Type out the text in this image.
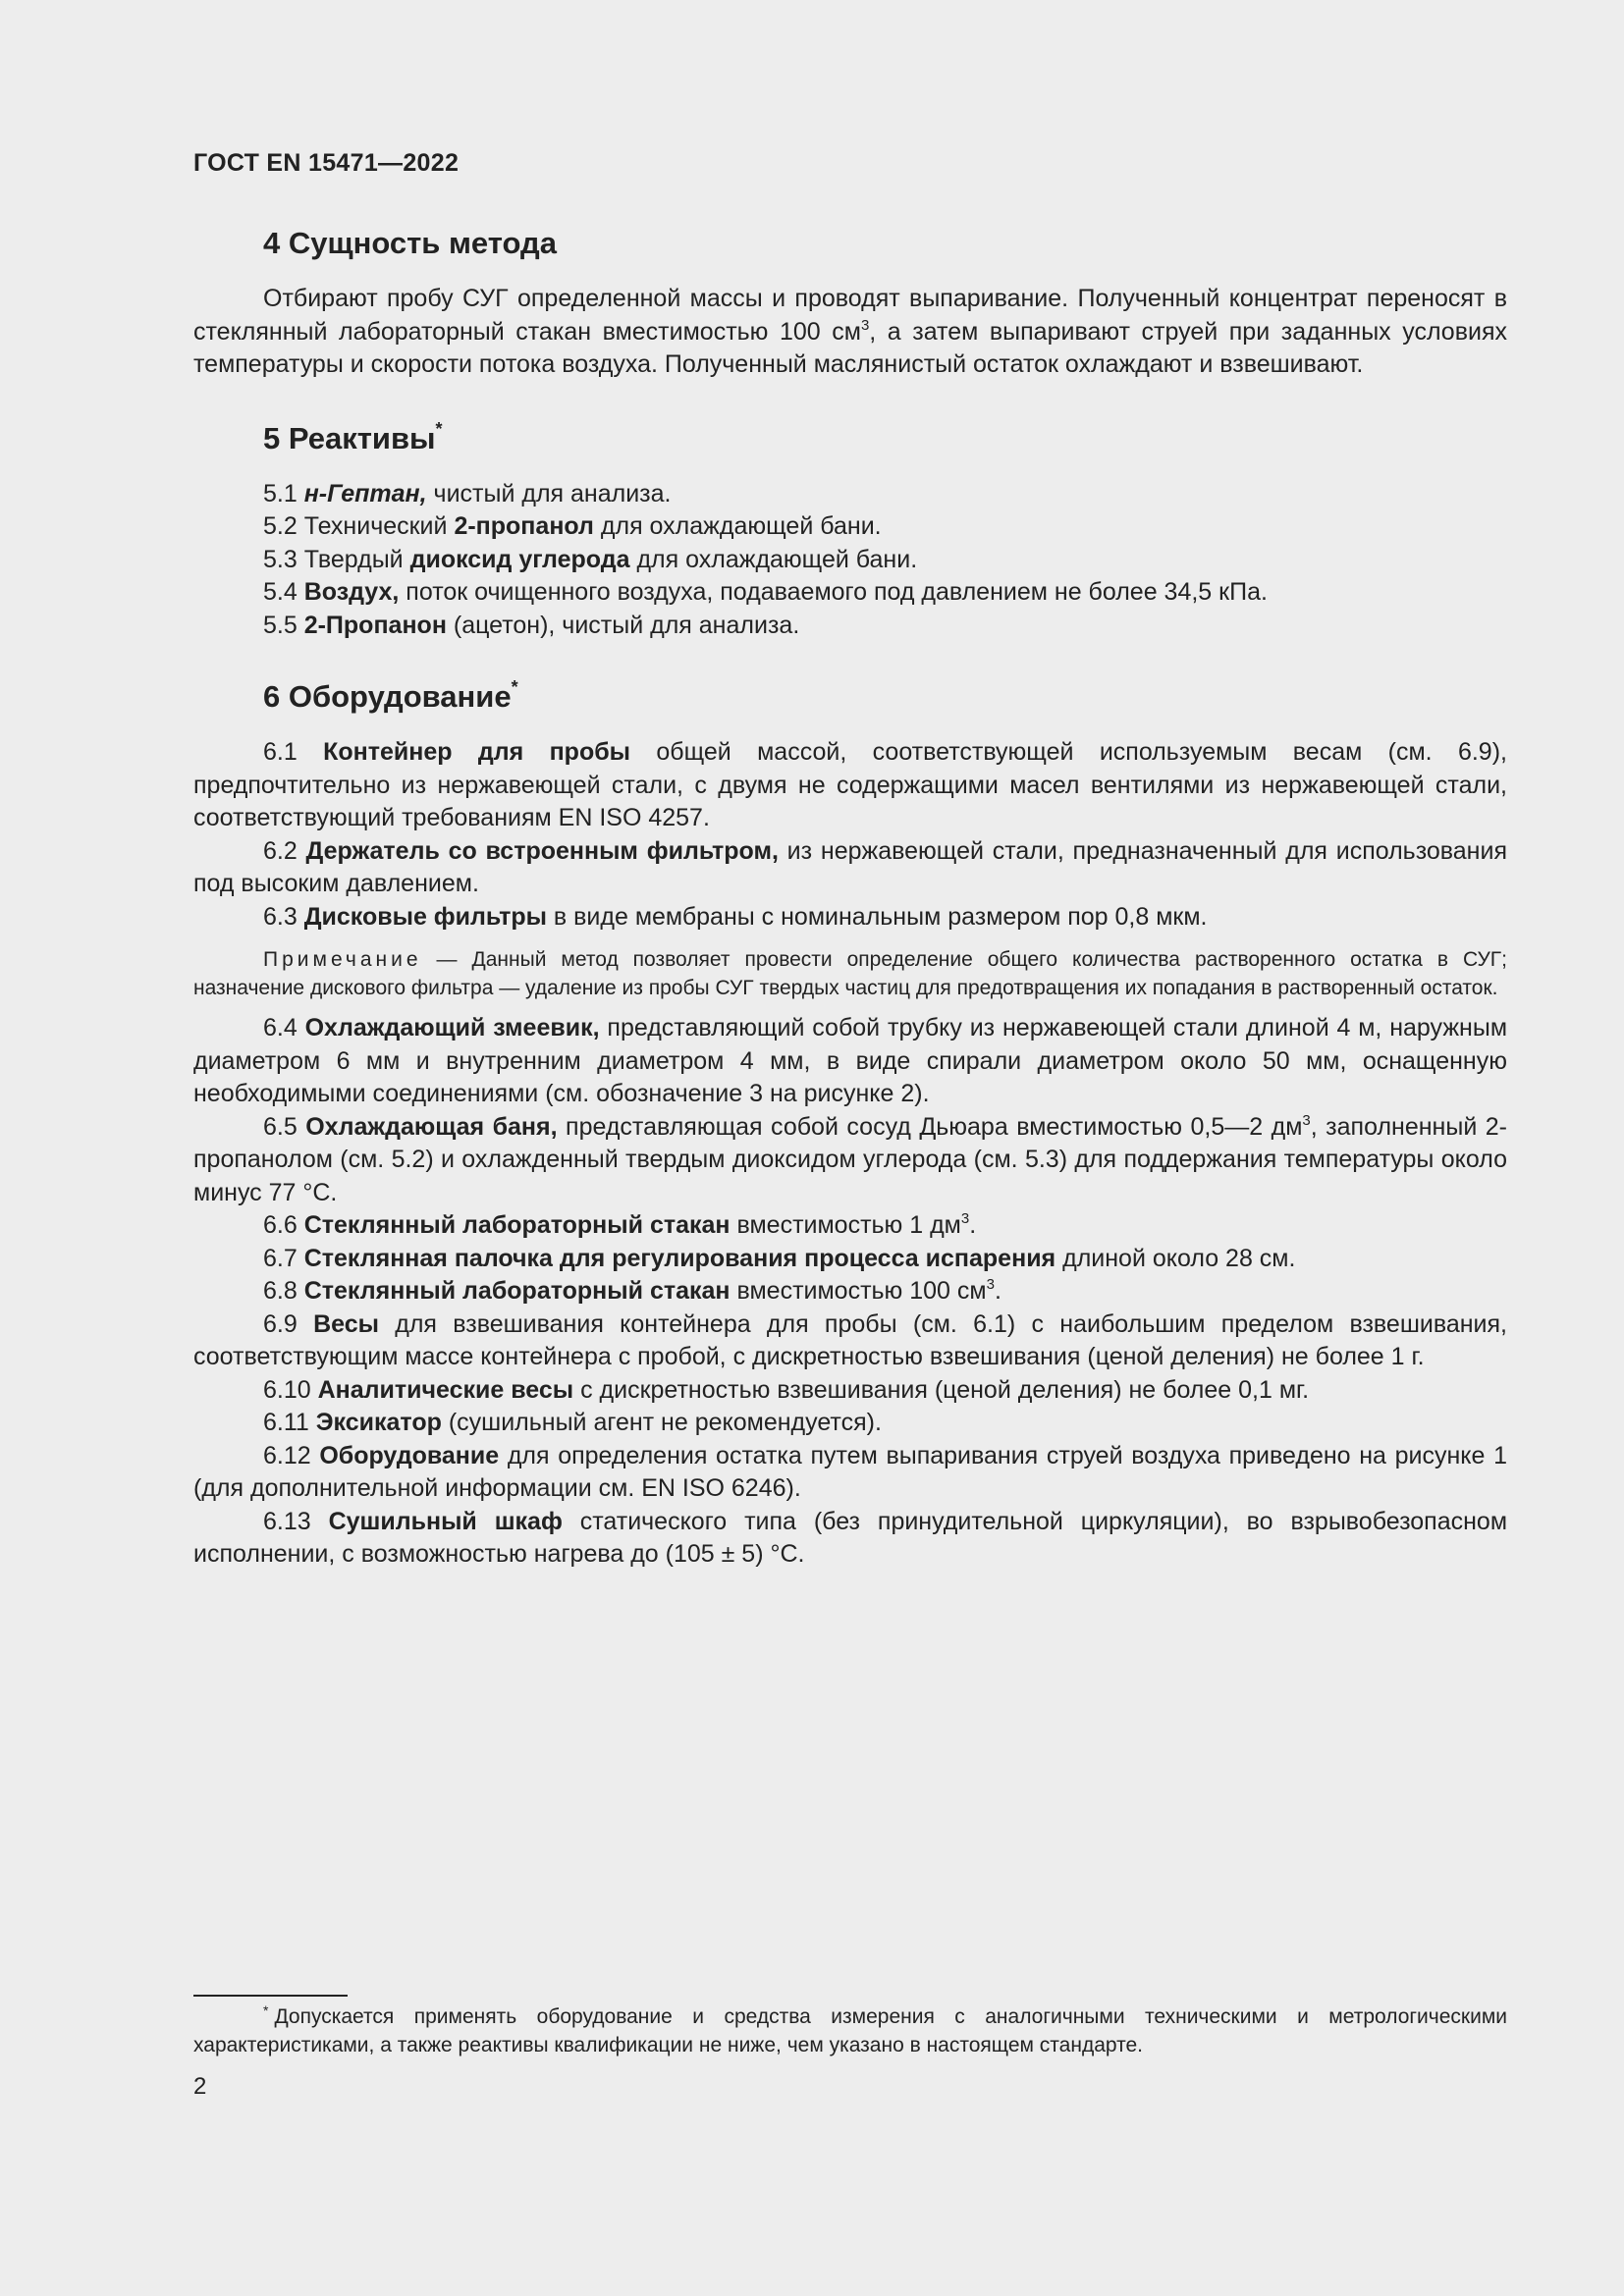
ГОСТ EN 15471—2022
4 Сущность метода

Отбирают пробу СУГ определенной массы и проводят выпаривание. Полученный концентрат переносят в стеклянный лабораторный стакан вместимостью 100 $см^3$, а затем выпаривают струей при заданных условиях температуры и скорости потока воздуха. Полученный маслянистый остаток охлаждают и взвешивают.

5 Реактивы*

5.1 н-Гептан, чистый для анализа.

5.2 Технический 2-пропанол для охлаждающей бани.

5.3 Твердый диоксид углерода для охлаждающей бани.

5.4 Воздух, поток очищенного воздуха, подаваемого под давлением не более 34,5 кПа.

5.5 2-Пропанон (ацетон), чистый для анализа.

6 Оборудование*

6.1 Контейнер для пробы общей массой, соответствующей используемым весам (см. 6.9), предпочтительно из нержавеющей стали, с двумя не содержащими масел вентилями из нержавеющей стали, соответствующий требованиям EN ISO 4257.

6.2 Держатель со встроенным фильтром, из нержавеющей стали, предназначенный для использования под высоким давлением.

6.3 Дисковые фильтры в виде мембраны с номинальным размером пор 0,8 мкм.

Примечание — Данный метод позволяет провести определение общего количества растворенного остатка в СУГ; назначение дискового фильтра — удаление из пробы СУГ твердых частиц для предотвращения их попадания в растворенный остаток.

6.4 Охлаждающий змеевик, представляющий собой трубку из нержавеющей стали длиной 4 м, наружным диаметром 6 мм и внутренним диаметром 4 мм, в виде спирали диаметром около 50 мм, оснащенную необходимыми соединениями (см. обозначение 3 на рисунке 2).

6.5 Охлаждающая баня, представляющая собой сосуд Дьюара вместимостью 0,5—2 $дм^3$, заполненный 2-пропанолом (см. 5.2) и охлажденный твердым диоксидом углерода (см. 5.3) для поддержания температуры около минус 77 °С.

6.6 Стеклянный лабораторный стакан вместимостью 1 $дм^3$.

6.7 Стеклянная палочка для регулирования процесса испарения длиной около 28 см.

6.8 Стеклянный лабораторный стакан вместимостью 100 $см^3$.

6.9 Весы для взвешивания контейнера для пробы (см. 6.1) с наибольшим пределом взвешивания, соответствующим массе контейнера с пробой, с дискретностью взвешивания (ценой деления) не более 1 г.

6.10 Аналитические весы с дискретностью взвешивания (ценой деления) не более 0,1 мг.

6.11 Эксикатор (сушильный агент не рекомендуется).

6.12 Оборудование для определения остатка путем выпаривания струей воздуха приведено на рисунке 1 (для дополнительной информации см. EN ISO 6246).

6.13 Сушильный шкаф статического типа (без принудительной циркуляции), во взрывобезопасном исполнении, с возможностью нагрева до (105 ± 5) °С.

* Допускается применять оборудование и средства измерения с аналогичными техническими и метрологическими характеристиками, а также реактивы квалификации не ниже, чем указано в настоящем стандарте.
2
